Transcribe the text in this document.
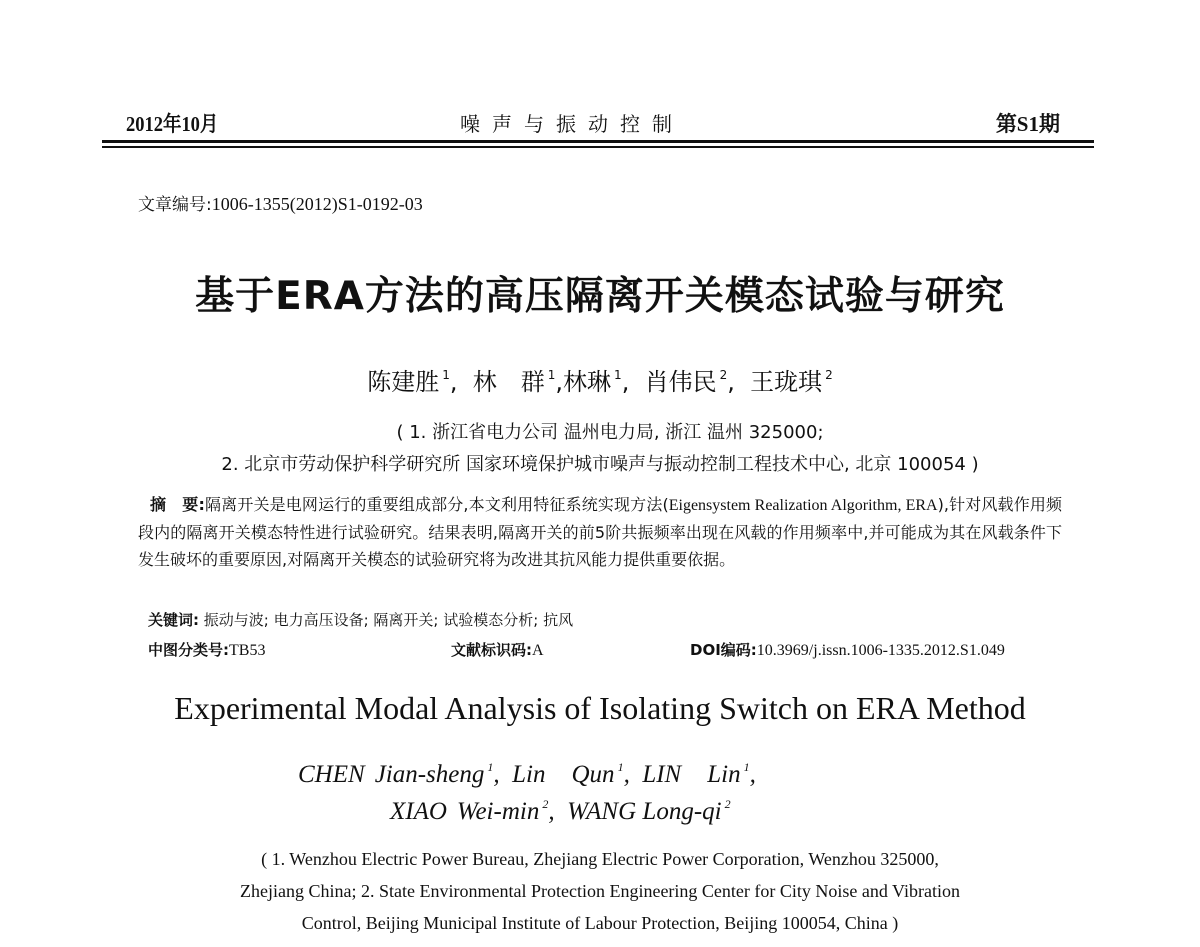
2012年10月	噪声与振动控制	第S1期
文章编号:1006-1355(2012)S1-0192-03
基于ERA方法的高压隔离开关模态试验与研究
陈建胜 $^1$,  林　群 $^1$,林琳 $^1$,  肖伟民 $^2$,  王珑琪 $^2$
( 1. 浙江省电力公司 温州电力局, 浙江 温州 325000;
2. 北京市劳动保护科学研究所 国家环境保护城市噪声与振动控制工程技术中心, 北京 100054 )
摘　要:隔离开关是电网运行的重要组成部分,本文利用特征系统实现方法(Eigensystem Realization Algorithm, ERA),针对风载作用频段内的隔离开关模态特性进行试验研究。结果表明,隔离开关的前5阶共振频率出现在风载的作用频率中,并可能成为其在风载条件下发生破坏的重要原因,对隔离开关模态的试验研究将为改进其抗风能力提供重要依据。
关键词: 振动与波; 电力高压设备; 隔离开关; 试验模态分析; 抗风
中图分类号:TB53	文献标识码:A	DOI编码:10.3969/j.issn.1006-1335.2012.S1.049
Experimental Modal Analysis of Isolating Switch on ERA Method
CHEN Jian-sheng $^1$,  Lin Qun $^1$,  LIN Lin $^1$,
XIAO Wei-min $^2$,  WANG Long-qi $^2$
( 1. Wenzhou Electric Power Bureau, Zhejiang Electric Power Corporation, Wenzhou 325000,
Zhejiang China; 2. State Environmental Protection Engineering Center for City Noise and Vibration
Control, Beijing Municipal Institute of Labour Protection, Beijing 100054, China )
